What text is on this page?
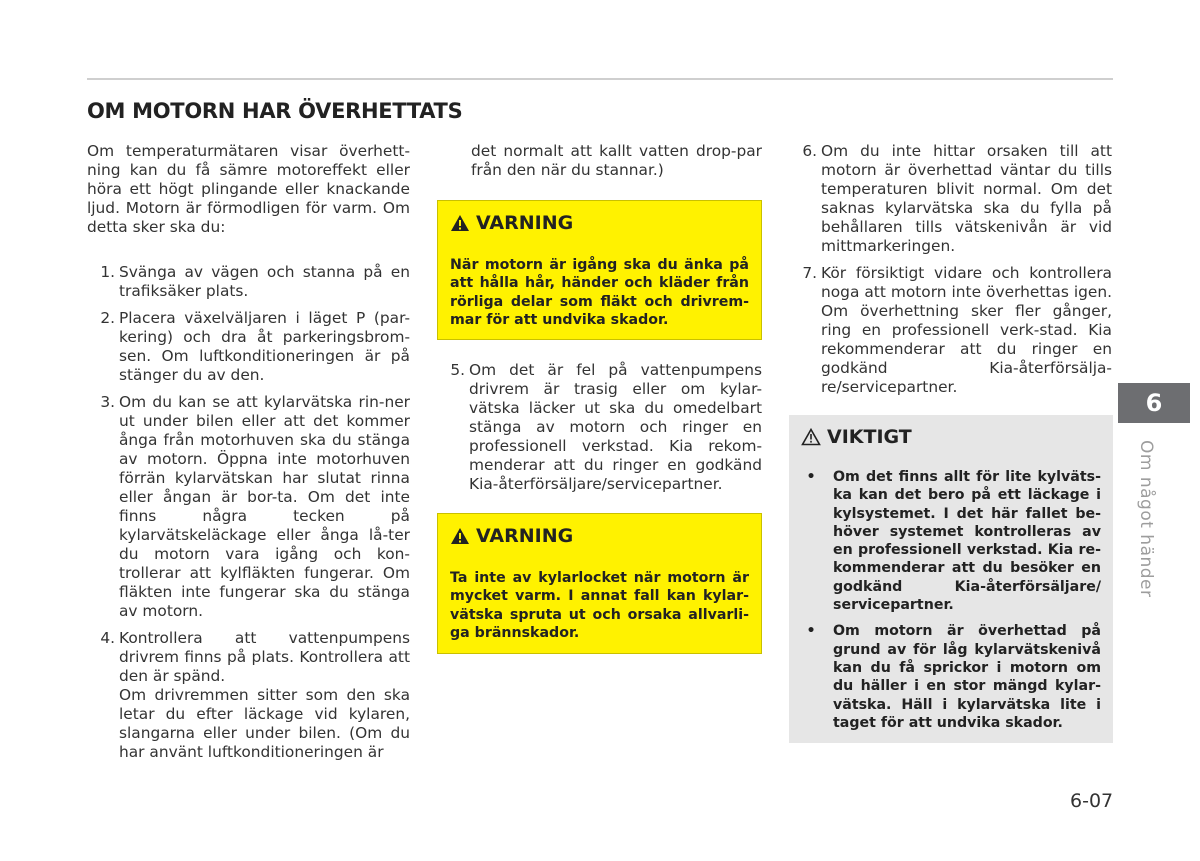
OM MOTORN HAR ÖVERHETTATS

Om temperaturmätaren visar överhett-ning kan du få sämre motoreffekt eller höra ett högt plingande eller knackande ljud. Motorn är förmodligen för varm. Om detta sker ska du:

1. Svänga av vägen och stanna på en trafiksäker plats.
2. Placera växelväljaren i läget P (par-kering) och dra åt parkeringsbrom-sen. Om luftkonditioneringen är på stänger du av den.
3. Om du kan se att kylarvätska rin-ner ut under bilen eller att det kommer ånga från motorhuven ska du stänga av motorn. Öppna inte motorhuven förrän kylarvätskan har slutat rinna eller ångan är bor-ta. Om det inte finns några tecken på kylarvätskeläckage eller ånga lå-ter du motorn vara igång och kon-trollerar att kylfläkten fungerar. Om fläkten inte fungerar ska du stänga av motorn.
4. Kontrollera att vattenpumpens drivrem finns på plats. Kontrollera att den är spänd.

Om drivremmen sitter som den ska letar du efter läckage vid kylaren, slangarna eller under bilen. (Om du har använt luftkonditioneringen är

det normalt att kallt vatten drop-par från den när du stannar.)

VARNING
När motorn är igång ska du änka på att hålla hår, händer och kläder från rörliga delar som fläkt och drivrem-mar för att undvika skador.
5. Om det är fel på vattenpumpens drivrem är trasig eller om kylar-vätska läcker ut ska du omedelbart stänga av motorn och ringer en professionell verkstad. Kia rekom-menderar att du ringer en godkänd Kia-återförsäljare/servicepartner.
VARNING
Ta inte av kylarlocket när motorn är mycket varm. I annat fall kan kylar-vätska spruta ut och orsaka allvarli-ga brännskador.
6. Om du inte hittar orsaken till att motorn är överhettad väntar du tills temperaturen blivit normal. Om det saknas kylarvätska ska du fylla på behållaren tills vätskenivån är vid mittmarkeringen.
7. Kör försiktigt vidare och kontrollera noga att motorn inte överhettas igen. Om överhettning sker fler gånger, ring en professionell verk-stad. Kia rekommenderar att du ringer en godkänd Kia-återförsälja-re/servicepartner.
VIKTIGT
•	Om det finns allt för lite kylväts-ka kan det bero på ett läckage i kylsystemet. I det här fallet be-höver systemet kontrolleras av en professionell verkstad. Kia re-kommenderar att du besöker en godkänd Kia-återförsäljare/ servicepartner.
•	Om motorn är överhettad på grund av för låg kylarvätskenivå kan du få sprickor i motorn om du häller i en stor mängd kylar-vätska. Häll i kylarvätska lite i taget för att undvika skador.
6
Om något händer
6-07
